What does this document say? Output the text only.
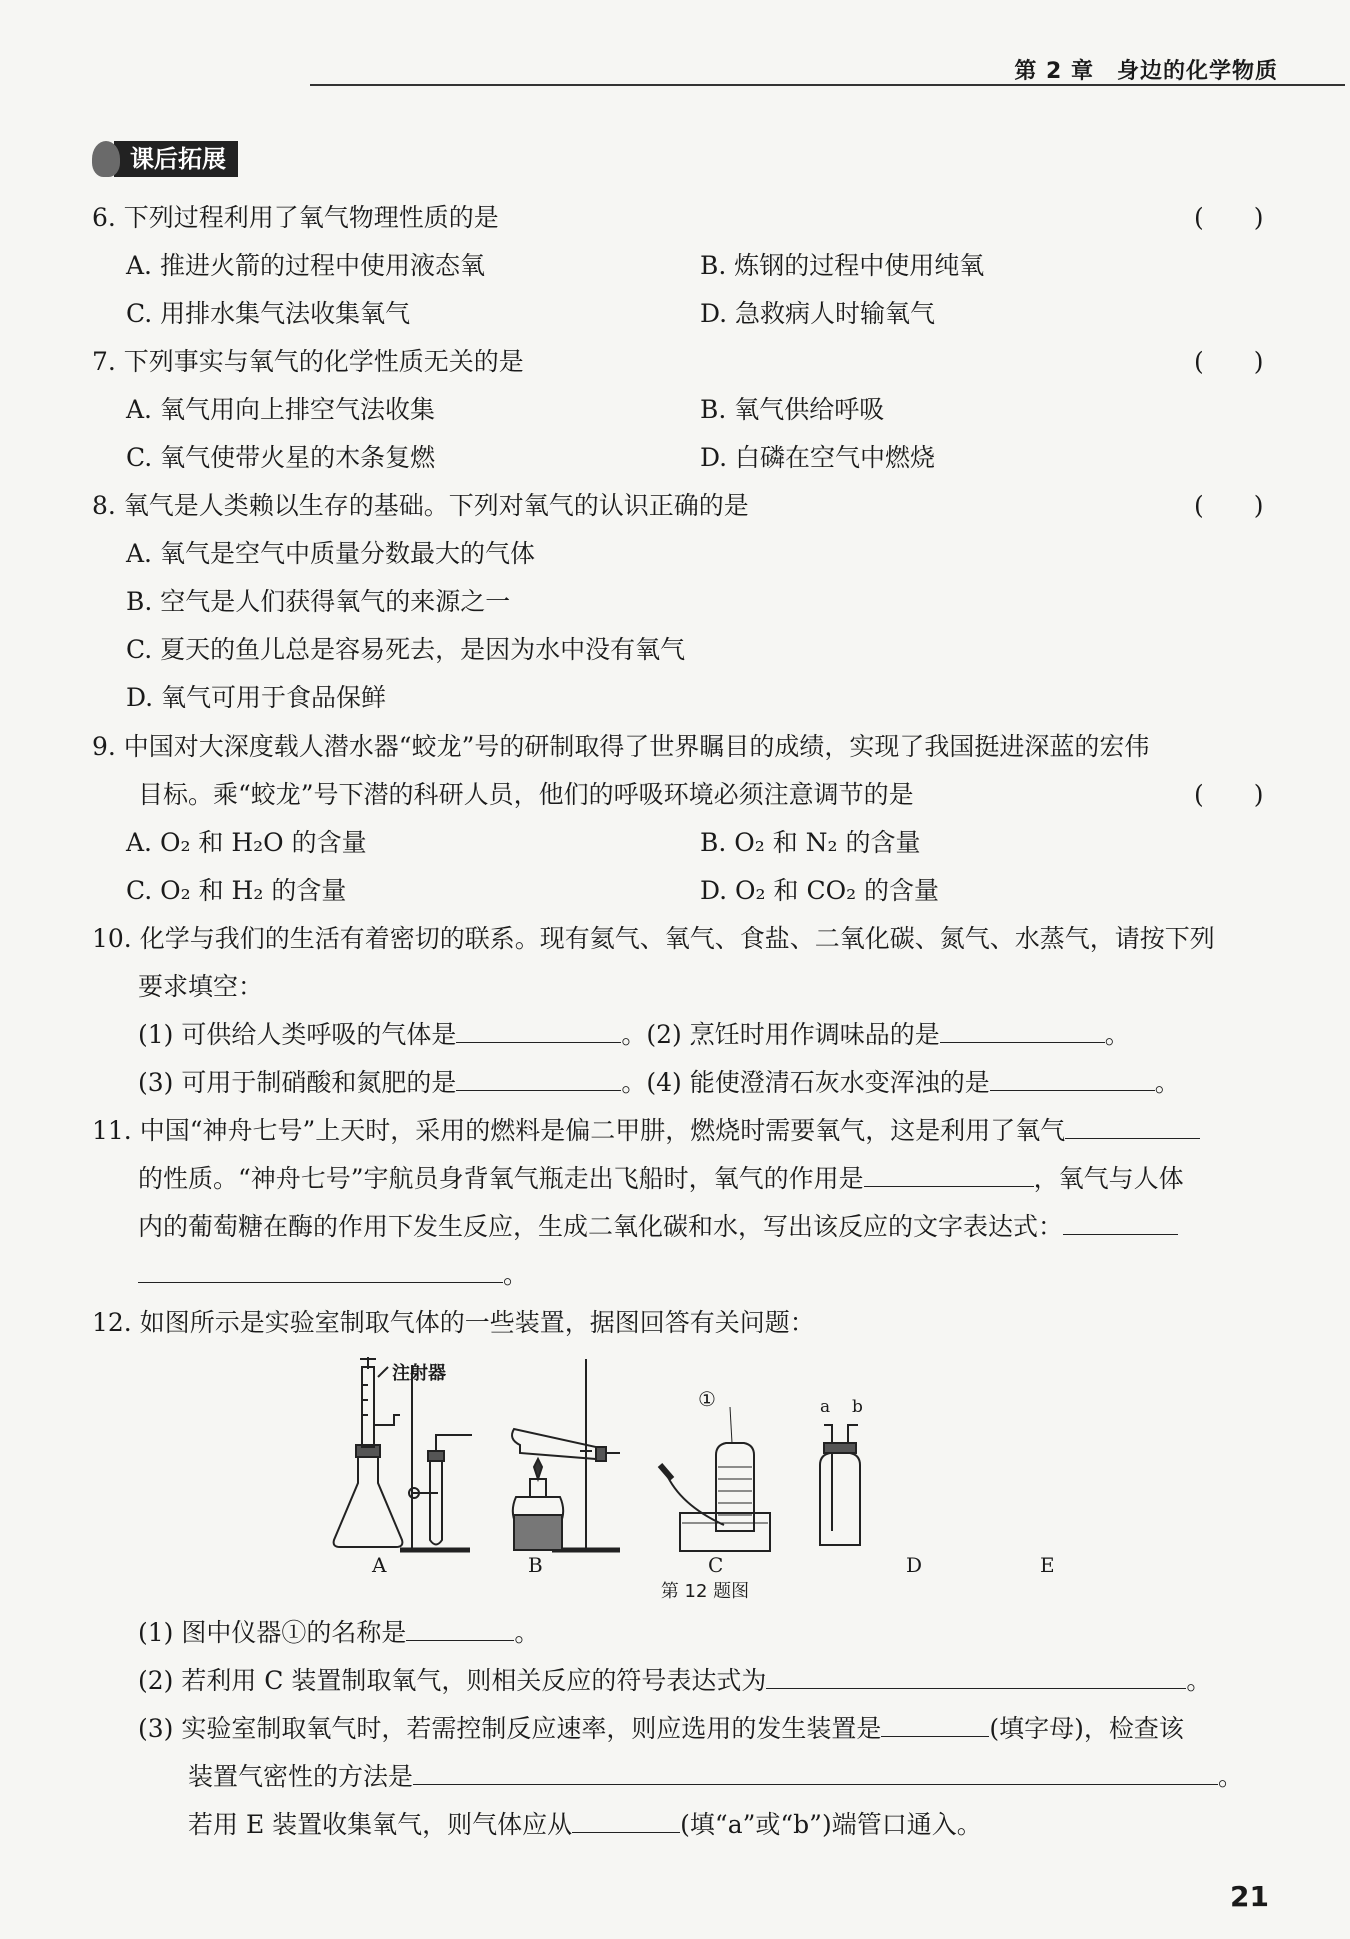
第 2 章　身边的化学物质
课后拓展
6. 下列过程利用了氧气物理性质的是	(　　)
A. 推进火箭的过程中使用液态氧	B. 炼钢的过程中使用纯氧
C. 用排水集气法收集氧气	D. 急救病人时输氧气
7. 下列事实与氧气的化学性质无关的是	(　　)
A. 氧气用向上排空气法收集	B. 氧气供给呼吸
C. 氧气使带火星的木条复燃	D. 白磷在空气中燃烧
8. 氧气是人类赖以生存的基础。下列对氧气的认识正确的是	(　　)
A. 氧气是空气中质量分数最大的气体
B. 空气是人们获得氧气的来源之一
C. 夏天的鱼儿总是容易死去，是因为水中没有氧气
D. 氧气可用于食品保鲜
9. 中国对大深度载人潜水器“蛟龙”号的研制取得了世界瞩目的成绩，实现了我国挺进深蓝的宏伟
目标。乘“蛟龙”号下潜的科研人员，他们的呼吸环境必须注意调节的是	(　　)
A. O₂ 和 H₂O 的含量	B. O₂ 和 N₂ 的含量
C. O₂ 和 H₂ 的含量	D. O₂ 和 CO₂ 的含量
10. 化学与我们的生活有着密切的联系。现有氦气、氧气、食盐、二氧化碳、氮气、水蒸气，请按下列
要求填空：
(1) 可供给人类呼吸的气体是	。(2) 烹饪时用作调味品的是	。
(3) 可用于制硝酸和氮肥的是	。(4) 能使澄清石灰水变浑浊的是	。
11. 中国“神舟七号”上天时，采用的燃料是偏二甲肼，燃烧时需要氧气，这是利用了氧气
的性质。“神舟七号”宇航员身背氧气瓶走出飞船时，氧气的作用是	，氧气与人体
内的葡萄糖在酶的作用下发生反应，生成二氧化碳和水，写出该反应的文字表达式：
。
12. 如图所示是实验室制取气体的一些装置，据图回答有关问题：
注射器
①	a b
A	B	C	D	E
第 12 题图
(1) 图中仪器①的名称是	。
(2) 若利用 C 装置制取氧气，则相关反应的符号表达式为	。
(3) 实验室制取氧气时，若需控制反应速率，则应选用的发生装置是	(填字母)，检查该
装置气密性的方法是	。
若用 E 装置收集氧气，则气体应从	(填“a”或“b”)端管口通入。
21
